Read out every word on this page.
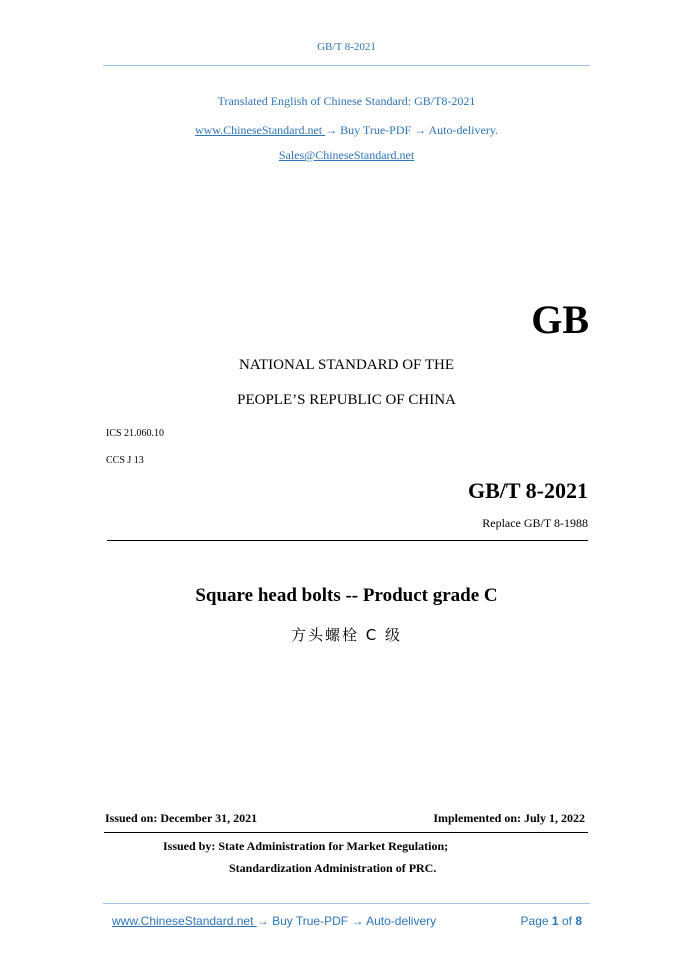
GB/T 8-2021
Translated English of Chinese Standard: GB/T8-2021
www.ChineseStandard.net → Buy True-PDF → Auto-delivery.
Sales@ChineseStandard.net
GB
NATIONAL STANDARD OF THE
PEOPLE’S REPUBLIC OF CHINA
ICS 21.060.10
CCS J 13
GB/T 8-2021
Replace GB/T 8-1988
Square head bolts -- Product grade C
方头螺栓 C 级
Issued on: December 31, 2021	Implemented on: July 1, 2022
Issued by: State Administration for Market Regulation;
Standardization Administration of PRC.
www.ChineseStandard.net → Buy True-PDF → Auto-delivery	Page 1 of 8
